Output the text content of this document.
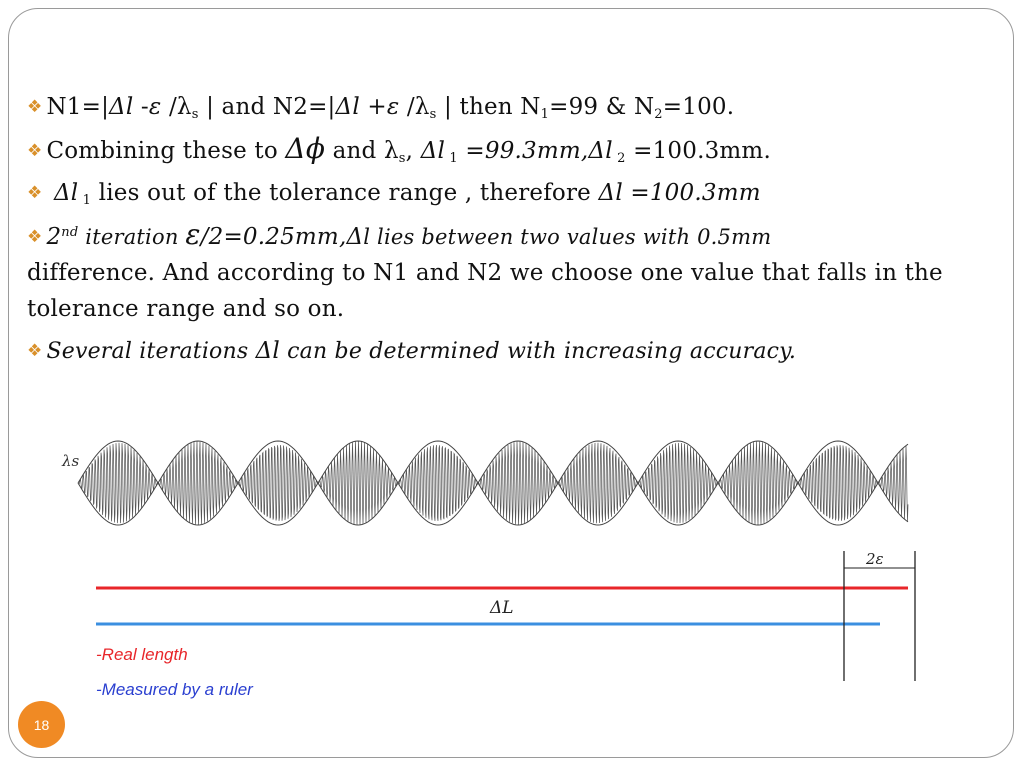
❖ N1=|Δl -ε $/\lambda_s$ | and N2=|Δl +ε $/\lambda_s$ | then $N_1=99$ & $N_2=100$.
❖ Combining these to Δϕ and $\lambda_s$, Δl $_1$ =99.3mm,Δl $_2$ =100.3mm.
❖ Δl $_1$ lies out of the tolerance range , therefore Δl =100.3mm
❖ 2nd iteration ε/2=0.25mm,Δl lies between two values with 0.5mm
difference. And according to N1 and N2 we choose one value that falls in the tolerance range and so on.
❖ Several iterations Δl can be determined with increasing accuracy.
λs
2ε
ΔL
-Real length
-Measured by a ruler
18
